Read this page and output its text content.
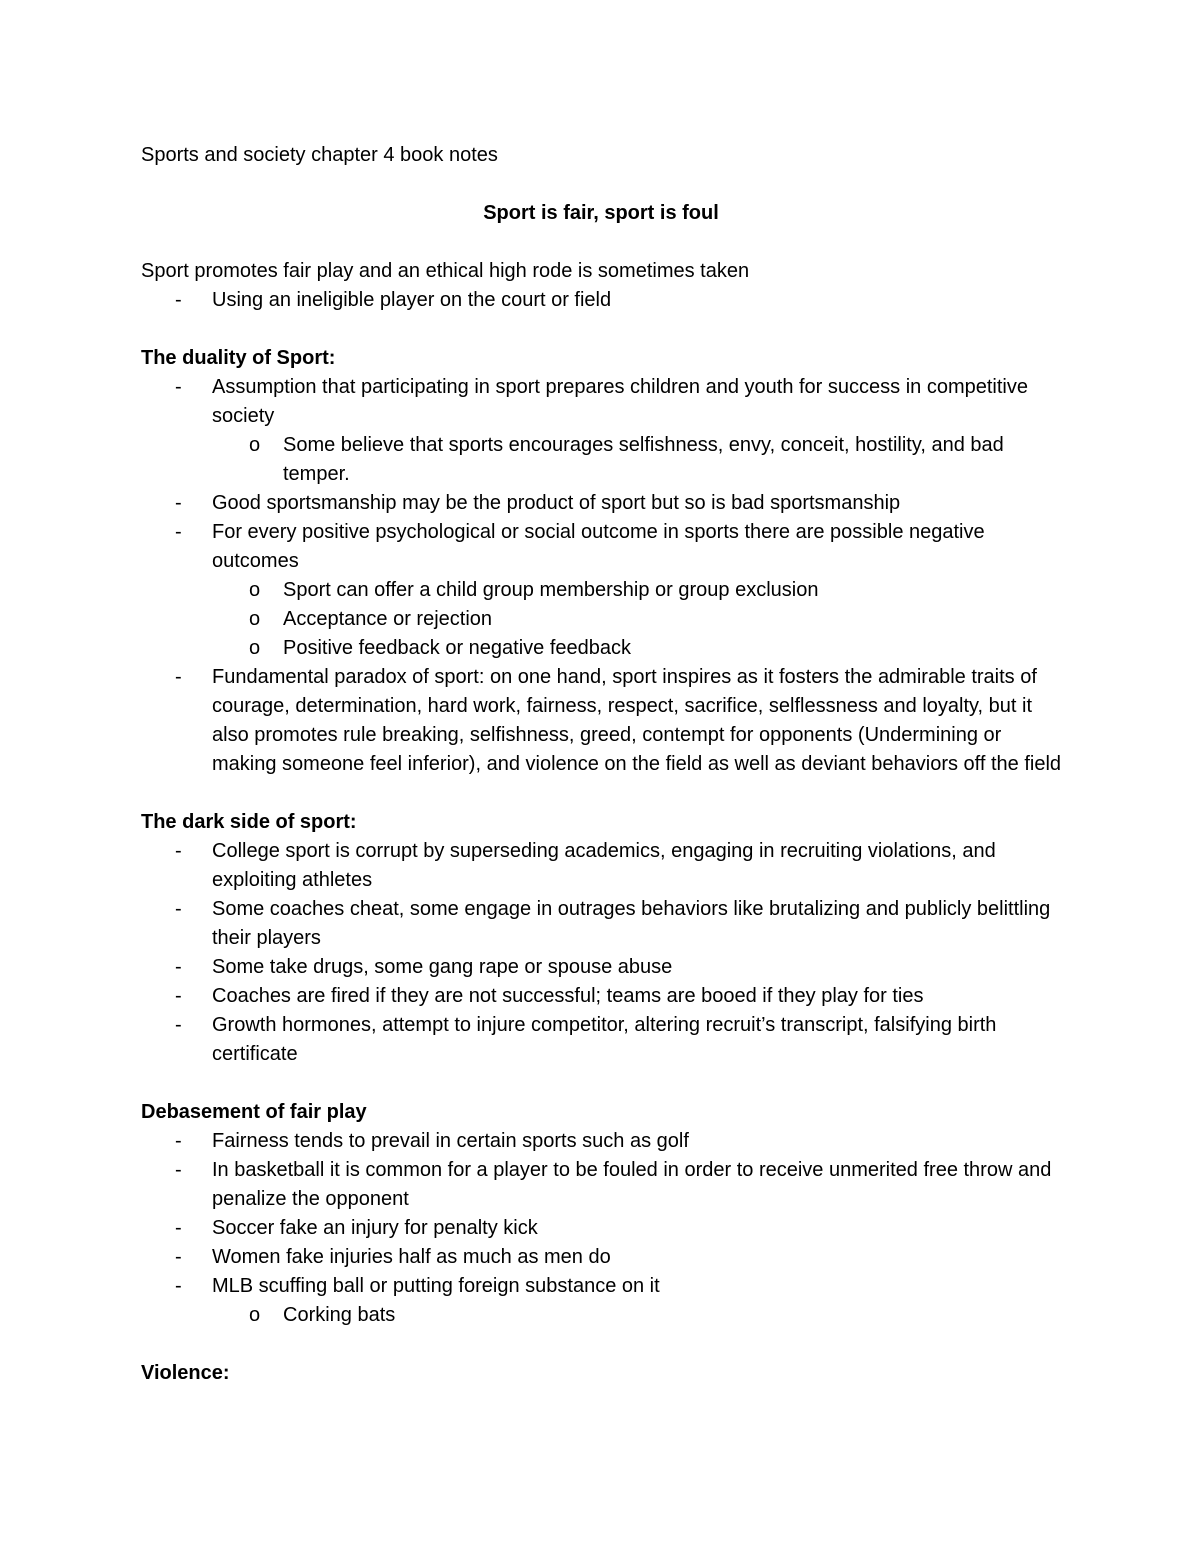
Sports and society chapter 4 book notes

Sport is fair, sport is foul

Sport promotes fair play and an ethical high rode is sometimes taken

- Using an ineligible player on the court or field

The duality of Sport:

- Assumption that participating in sport prepares children and youth for success in competitive society
o Some believe that sports encourages selfishness, envy, conceit, hostility, and bad temper.
- Good sportsmanship may be the product of sport but so is bad sportsmanship
- For every positive psychological or social outcome in sports there are possible negative outcomes
o Sport can offer a child group membership or group exclusion
o Acceptance or rejection
o Positive feedback or negative feedback
- Fundamental paradox of sport: on one hand, sport inspires as it fosters the admirable traits of courage, determination, hard work, fairness, respect, sacrifice, selflessness and loyalty, but it also promotes rule breaking, selfishness, greed, contempt for opponents (Undermining or making someone feel inferior), and violence on the field as well as deviant behaviors off the field

The dark side of sport:

- College sport is corrupt by superseding academics, engaging in recruiting violations, and exploiting athletes
- Some coaches cheat, some engage in outrages behaviors like brutalizing and publicly belittling their players
- Some take drugs, some gang rape or spouse abuse
- Coaches are fired if they are not successful; teams are booed if they play for ties
- Growth hormones, attempt to injure competitor, altering recruit’s transcript, falsifying birth certificate

Debasement of fair play

- Fairness tends to prevail in certain sports such as golf
- In basketball it is common for a player to be fouled in order to receive unmerited free throw and penalize the opponent
- Soccer fake an injury for penalty kick
- Women fake injuries half as much as men do
- MLB scuffing ball or putting foreign substance on it
o Corking bats

Violence:
